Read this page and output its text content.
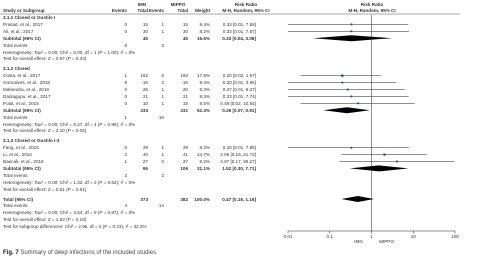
IMN	MIPPO	Risk Ratio	Risk Ratio
Study or Subgroup	Events	Total Events	Total	Weight	M-H, Random, 95% CI	M-H, Random, 95% CI
3.1.1 Closed or Gustilo I
Prasad, et al., 2017	0	15	1	15	8.4%	0.33 [0.01, 7.58]
Ali, et al., 2017	0	30	1	30	8.2%	0.33 [0.01, 7.87]
Subtotal (95% CI)	45	45	16.6%	0.33 [0.04, 3.08]
Total events	0	2
Heterogeneity: Tau² = 0.00; Chi² = 0.00, df = 1 (P = 1.00); I² = 0%
Test for overall effect: Z = 0.97 (P = 0.33)
3.1.2 Closed
Costa, et al., 2017	1	162	5	160	17.9%	0.20 [0.02, 1.67]
Goncalves, et al., 2018	0	15	2	15	9.4%	0.20 [0.01, 3.85]
Mahendra, et al., 2018	0	25	1	20	8.3%	0.27 [0.01, 6.27]
Daolagupu, et al., 2017	0	21	1	21	8.3%	0.33 [0.01, 7.74]
Polat, et al., 2015	0	10	1	15	8.5%	0.48 [0.02, 10.84]
Subtotal (95% CI)	233	231	52.3%	0.26 [0.07, 0.91]
Total events	1	10
Heterogeneity: Tau² = 0.00; Chi² = 0.27, df = 4 (P = 0.99); I² = 0%
Test for overall effect: Z = 2.10 (P = 0.04)
3.1.3 Closed or Gustilo I-3
Fang, et al., 2016	0	28	1	28	8.2%	0.33 [0.01, 7.85]
Li, et al., 2014	2	40	1	41	14.7%	2.05 [0.19, 21.72]
Baecak, et al., 2018	1	27	0	37	8.2%	4.07 [0.17, 96.27]
Subtotal (95% CI)	95	106	31.1%	1.52 [0.30, 7.71]
Total events	3	2
Heterogeneity: Tau² = 0.00; Chi² = 1.32, df = 2 (P = 0.52); I² = 0%
Test for overall effect: Z = 0.51 (P = 0.61)
Total (95% CI)	373	382	100.0%	0.47 [0.19, 1.16]
Total events	4	14
Heterogeneity: Tau² = 0.00; Chi² = 4.54, df = 9 (P = 0.87); I² = 0%
Test for overall effect: Z = 1.63 (P = 0.10)
Test for subgroup differences: Chi² = 2.95, df = 2 (P = 0.23), I² = 32.2%
0.01	0.1	1	10	100
IMN	MIPPO
Fig. 7 Summary of deep infections of the included studies
